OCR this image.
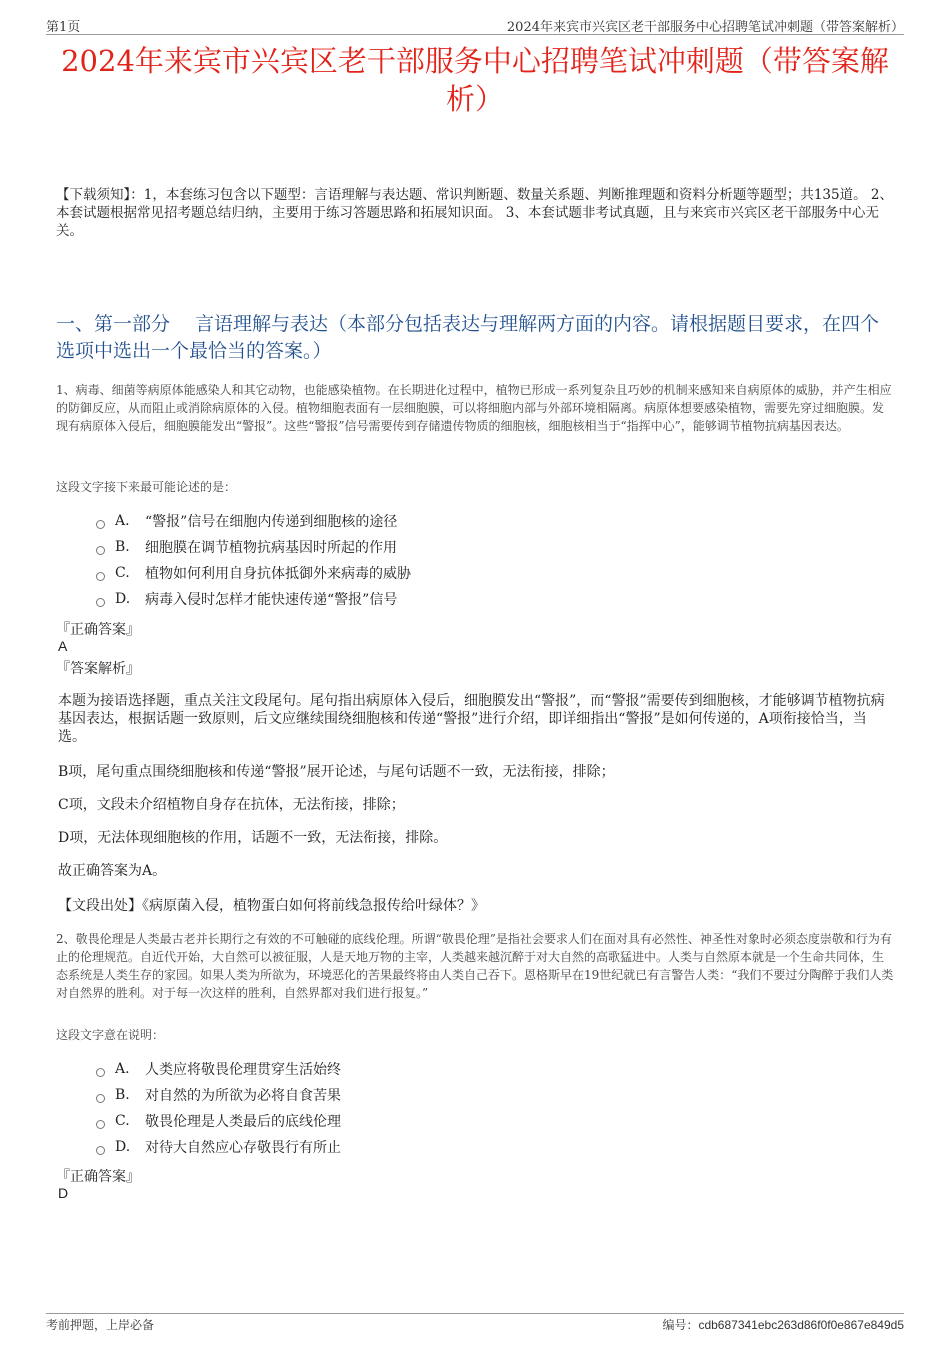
第1页	2024年来宾市兴宾区老干部服务中心招聘笔试冲刺题（带答案解析）
2024年来宾市兴宾区老干部服务中心招聘笔试冲刺题（带答案解析）
【下载须知】：1，本套练习包含以下题型：言语理解与表达题、常识判断题、数量关系题、判断推理题和资料分析题等题型；共135道。 2、本套试题根据常见招考题总结归纳，主要用于练习答题思路和拓展知识面。 3、本套试题非考试真题，且与来宾市兴宾区老干部服务中心无关。
一、第一部分　 言语理解与表达（本部分包括表达与理解两方面的内容。请根据题目要求，在四个选项中选出一个最恰当的答案。）
1、病毒、细菌等病原体能感染人和其它动物，也能感染植物。在长期进化过程中，植物已形成一系列复杂且巧妙的机制来感知来自病原体的威胁，并产生相应的防御反应，从而阻止或消除病原体的入侵。植物细胞表面有一层细胞膜，可以将细胞内部与外部环境相隔离。病原体想要感染植物，需要先穿过细胞膜。发现有病原体入侵后，细胞膜能发出“警报”。这些“警报”信号需要传到存储遗传物质的细胞核，细胞核相当于“指挥中心”，能够调节植物抗病基因表达。
这段文字接下来最可能论述的是：
A.	“警报”信号在细胞内传递到细胞核的途径
B.	细胞膜在调节植物抗病基因时所起的作用
C.	植物如何利用自身抗体抵御外来病毒的威胁
D.	病毒入侵时怎样才能快速传递“警报”信号
『正确答案』
A
『答案解析』
本题为接语选择题，重点关注文段尾句。尾句指出病原体入侵后，细胞膜发出“警报”，而“警报”需要传到细胞核，才能够调节植物抗病基因表达，根据话题一致原则，后文应继续围绕细胞核和传递“警报”进行介绍，即详细指出“警报”是如何传递的，A项衔接恰当，当选。
B项，尾句重点围绕细胞核和传递“警报”展开论述，与尾句话题不一致，无法衔接，排除；
C项，文段未介绍植物自身存在抗体，无法衔接，排除；
D项，无法体现细胞核的作用，话题不一致，无法衔接，排除。
故正确答案为A。
【文段出处】《病原菌入侵，植物蛋白如何将前线急报传给叶绿体？》
2、敬畏伦理是人类最古老并长期行之有效的不可触碰的底线伦理。所谓“敬畏伦理”是指社会要求人们在面对具有必然性、神圣性对象时必须态度崇敬和行为有止的伦理规范。自近代开始，大自然可以被征服，人是天地万物的主宰，人类越来越沉醉于对大自然的高歌猛进中。人类与自然原本就是一个生命共同体，生态系统是人类生存的家园。如果人类为所欲为，环境恶化的苦果最终将由人类自己吞下。恩格斯早在19世纪就已有言警告人类：“我们不要过分陶醉于我们人类对自然界的胜利。对于每一次这样的胜利，自然界都对我们进行报复。”
这段文字意在说明：
A.	人类应将敬畏伦理贯穿生活始终
B.	对自然的为所欲为必将自食苦果
C.	敬畏伦理是人类最后的底线伦理
D.	对待大自然应心存敬畏行有所止
『正确答案』
D
考前押题，上岸必备	编号：cdb687341ebc263d86f0f0e867e849d5
